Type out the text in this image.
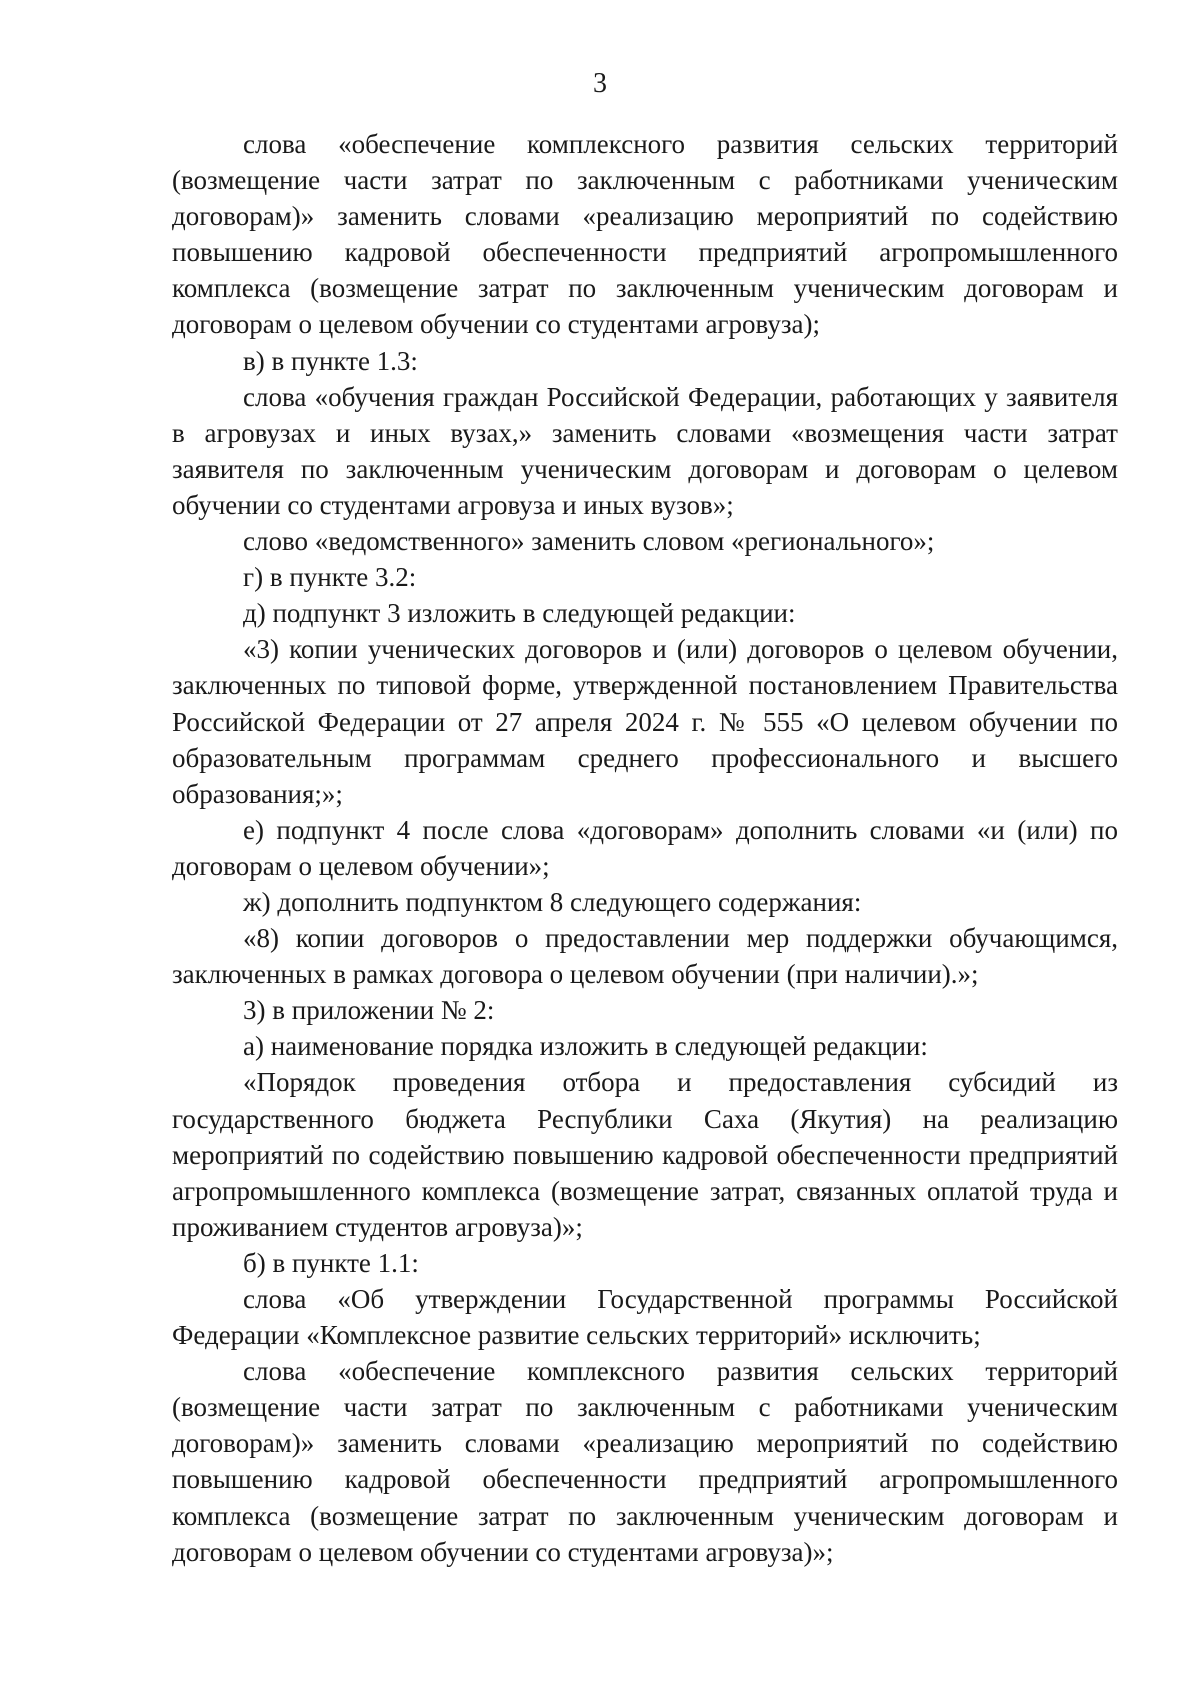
3

слова «обеспечение комплексного развития сельских территорий (возмещение части затрат по заключенным с работниками ученическим договорам)» заменить словами «реализацию мероприятий по содействию повышению кадровой обеспеченности предприятий агропромышленного комплекса (возмещение затрат по заключенным ученическим договорам и договорам о целевом обучении со студентами агровуза);

в) в пункте 1.3:

слова «обучения граждан Российской Федерации, работающих у заявителя в агровузах и иных вузах,» заменить словами «возмещения части затрат заявителя по заключенным ученическим договорам и договорам о целевом обучении со студентами агровуза и иных вузов»;

слово «ведомственного» заменить словом «регионального»;

г) в пункте 3.2:

д) подпункт 3 изложить в следующей редакции:

«3) копии ученических договоров и (или) договоров о целевом обучении, заключенных по типовой форме, утвержденной постановлением Правительства Российской Федерации от 27 апреля 2024 г. № 555 «О целевом обучении по образовательным программам среднего профессионального и высшего образования;»;

е) подпункт 4 после слова «договорам» дополнить словами «и (или) по договорам о целевом обучении»;

ж) дополнить подпунктом 8 следующего содержания:

«8) копии договоров о предоставлении мер поддержки обучающимся, заключенных в рамках договора о целевом обучении (при наличии).»;

3) в приложении № 2:

а) наименование порядка изложить в следующей редакции:

«Порядок проведения отбора и предоставления субсидий из государственного бюджета Республики Саха (Якутия) на реализацию мероприятий по содействию повышению кадровой обеспеченности предприятий агропромышленного комплекса (возмещение затрат, связанных оплатой труда и проживанием студентов агровуза)»;

б) в пункте 1.1:

слова «Об утверждении Государственной программы Российской Федерации «Комплексное развитие сельских территорий» исключить;

слова «обеспечение комплексного развития сельских территорий (возмещение части затрат по заключенным с работниками ученическим договорам)» заменить словами «реализацию мероприятий по содействию повышению кадровой обеспеченности предприятий агропромышленного комплекса (возмещение затрат по заключенным ученическим договорам и договорам о целевом обучении со студентами агровуза)»;
